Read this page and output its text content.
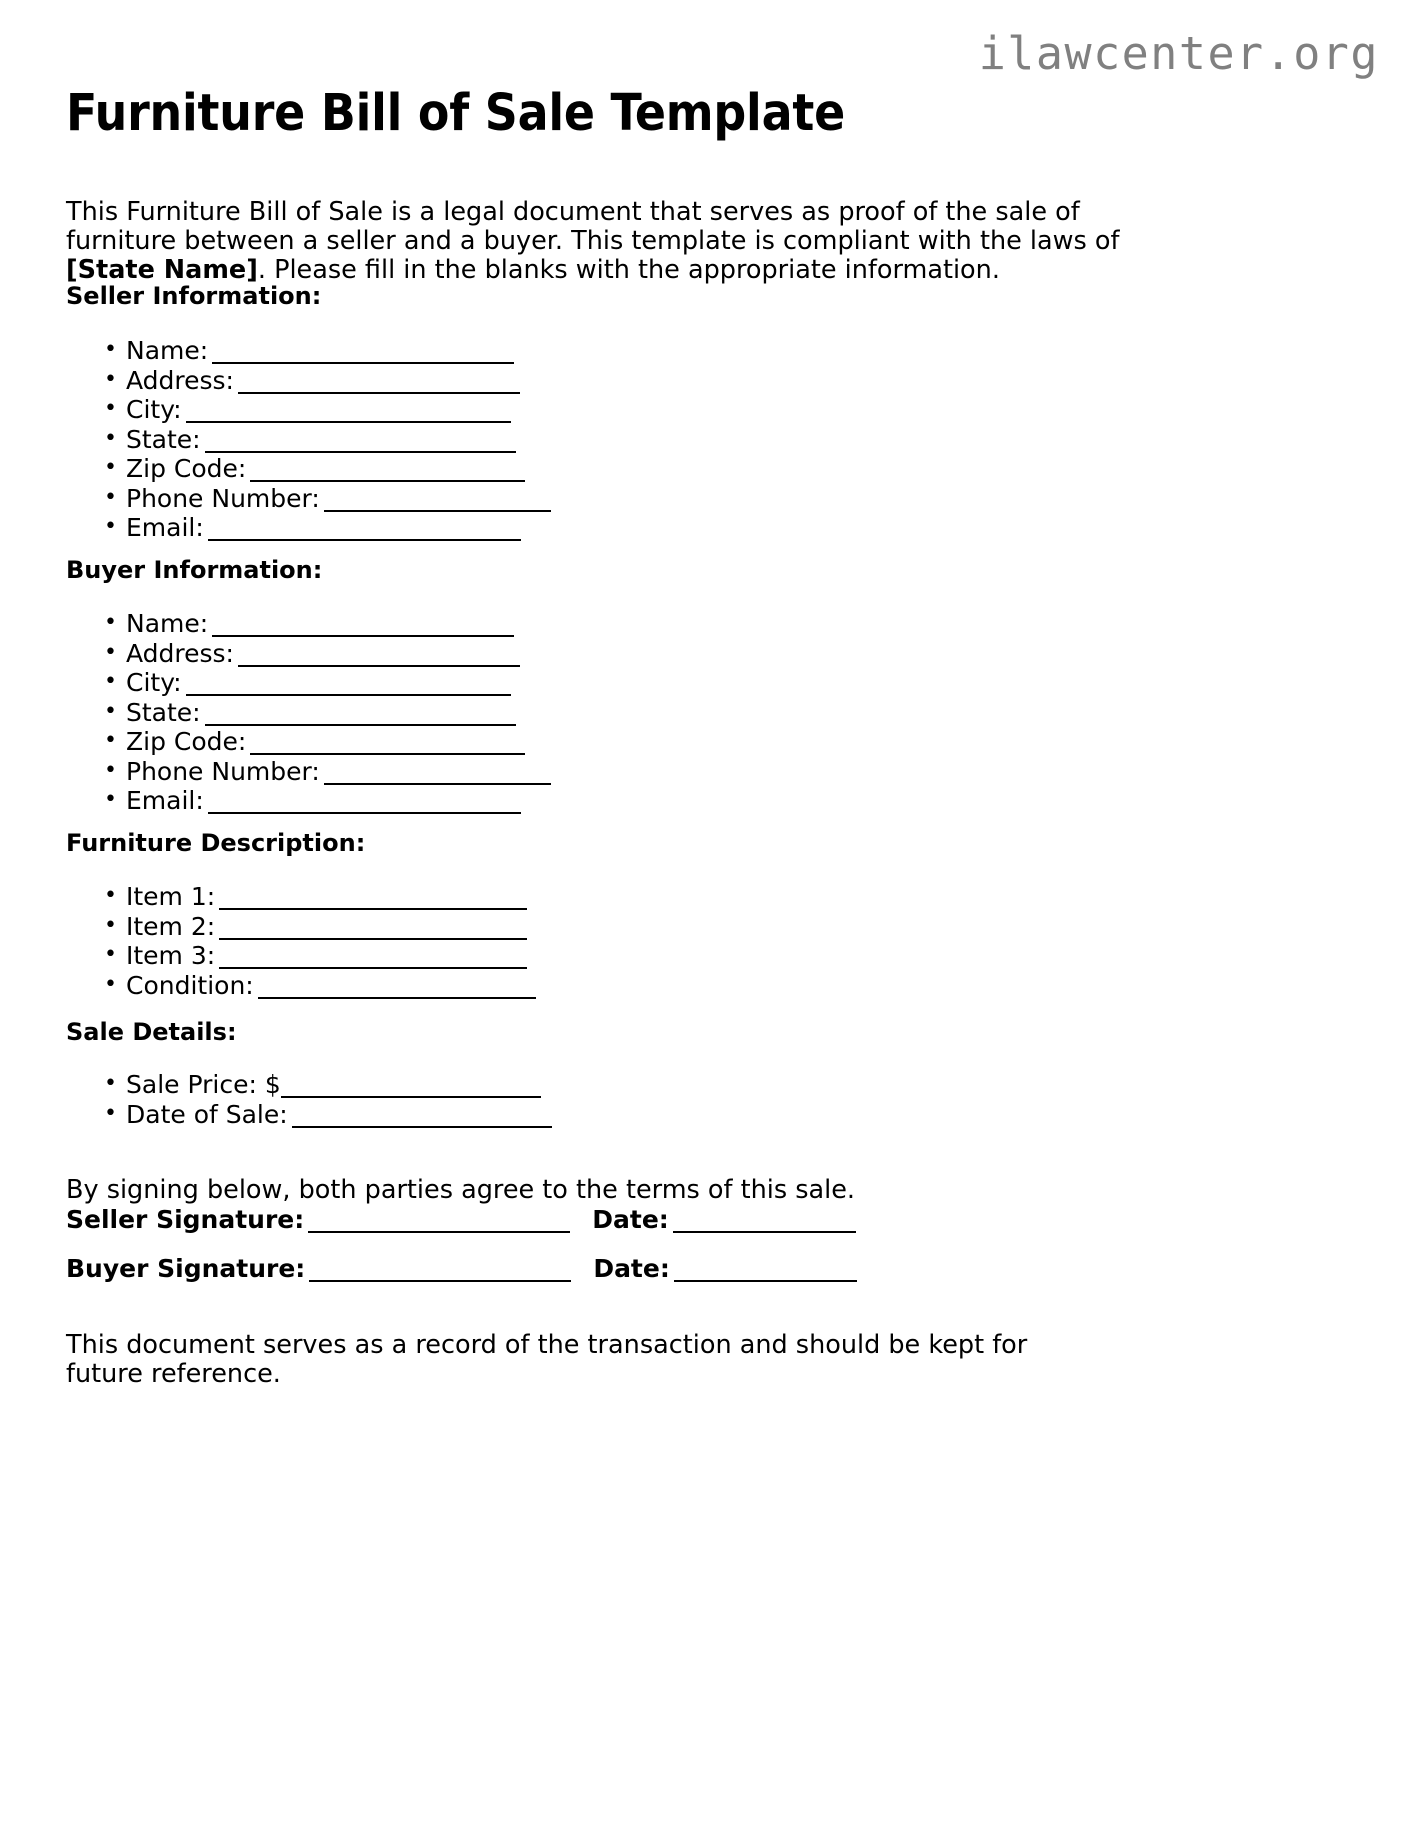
ilawcenter.org
Furniture Bill of Sale Template

This Furniture Bill of Sale is a legal document that serves as proof of the sale of furniture between a seller and a buyer. This template is compliant with the laws of [State Name]. Please fill in the blanks with the appropriate information.

Seller Information:
• Name:
• Address:
• City:
• State:
• Zip Code:
• Phone Number:
• Email:
Buyer Information:
• Name:
• Address:
• City:
• State:
• Zip Code:
• Phone Number:
• Email:
Furniture Description:
• Item 1:
• Item 2:
• Item 3:
• Condition:
Sale Details:
• Sale Price: $
• Date of Sale:

By signing below, both parties agree to the terms of this sale.

Seller Signature:	Date:
Buyer Signature:	Date:

This document serves as a record of the transaction and should be kept for future reference.
